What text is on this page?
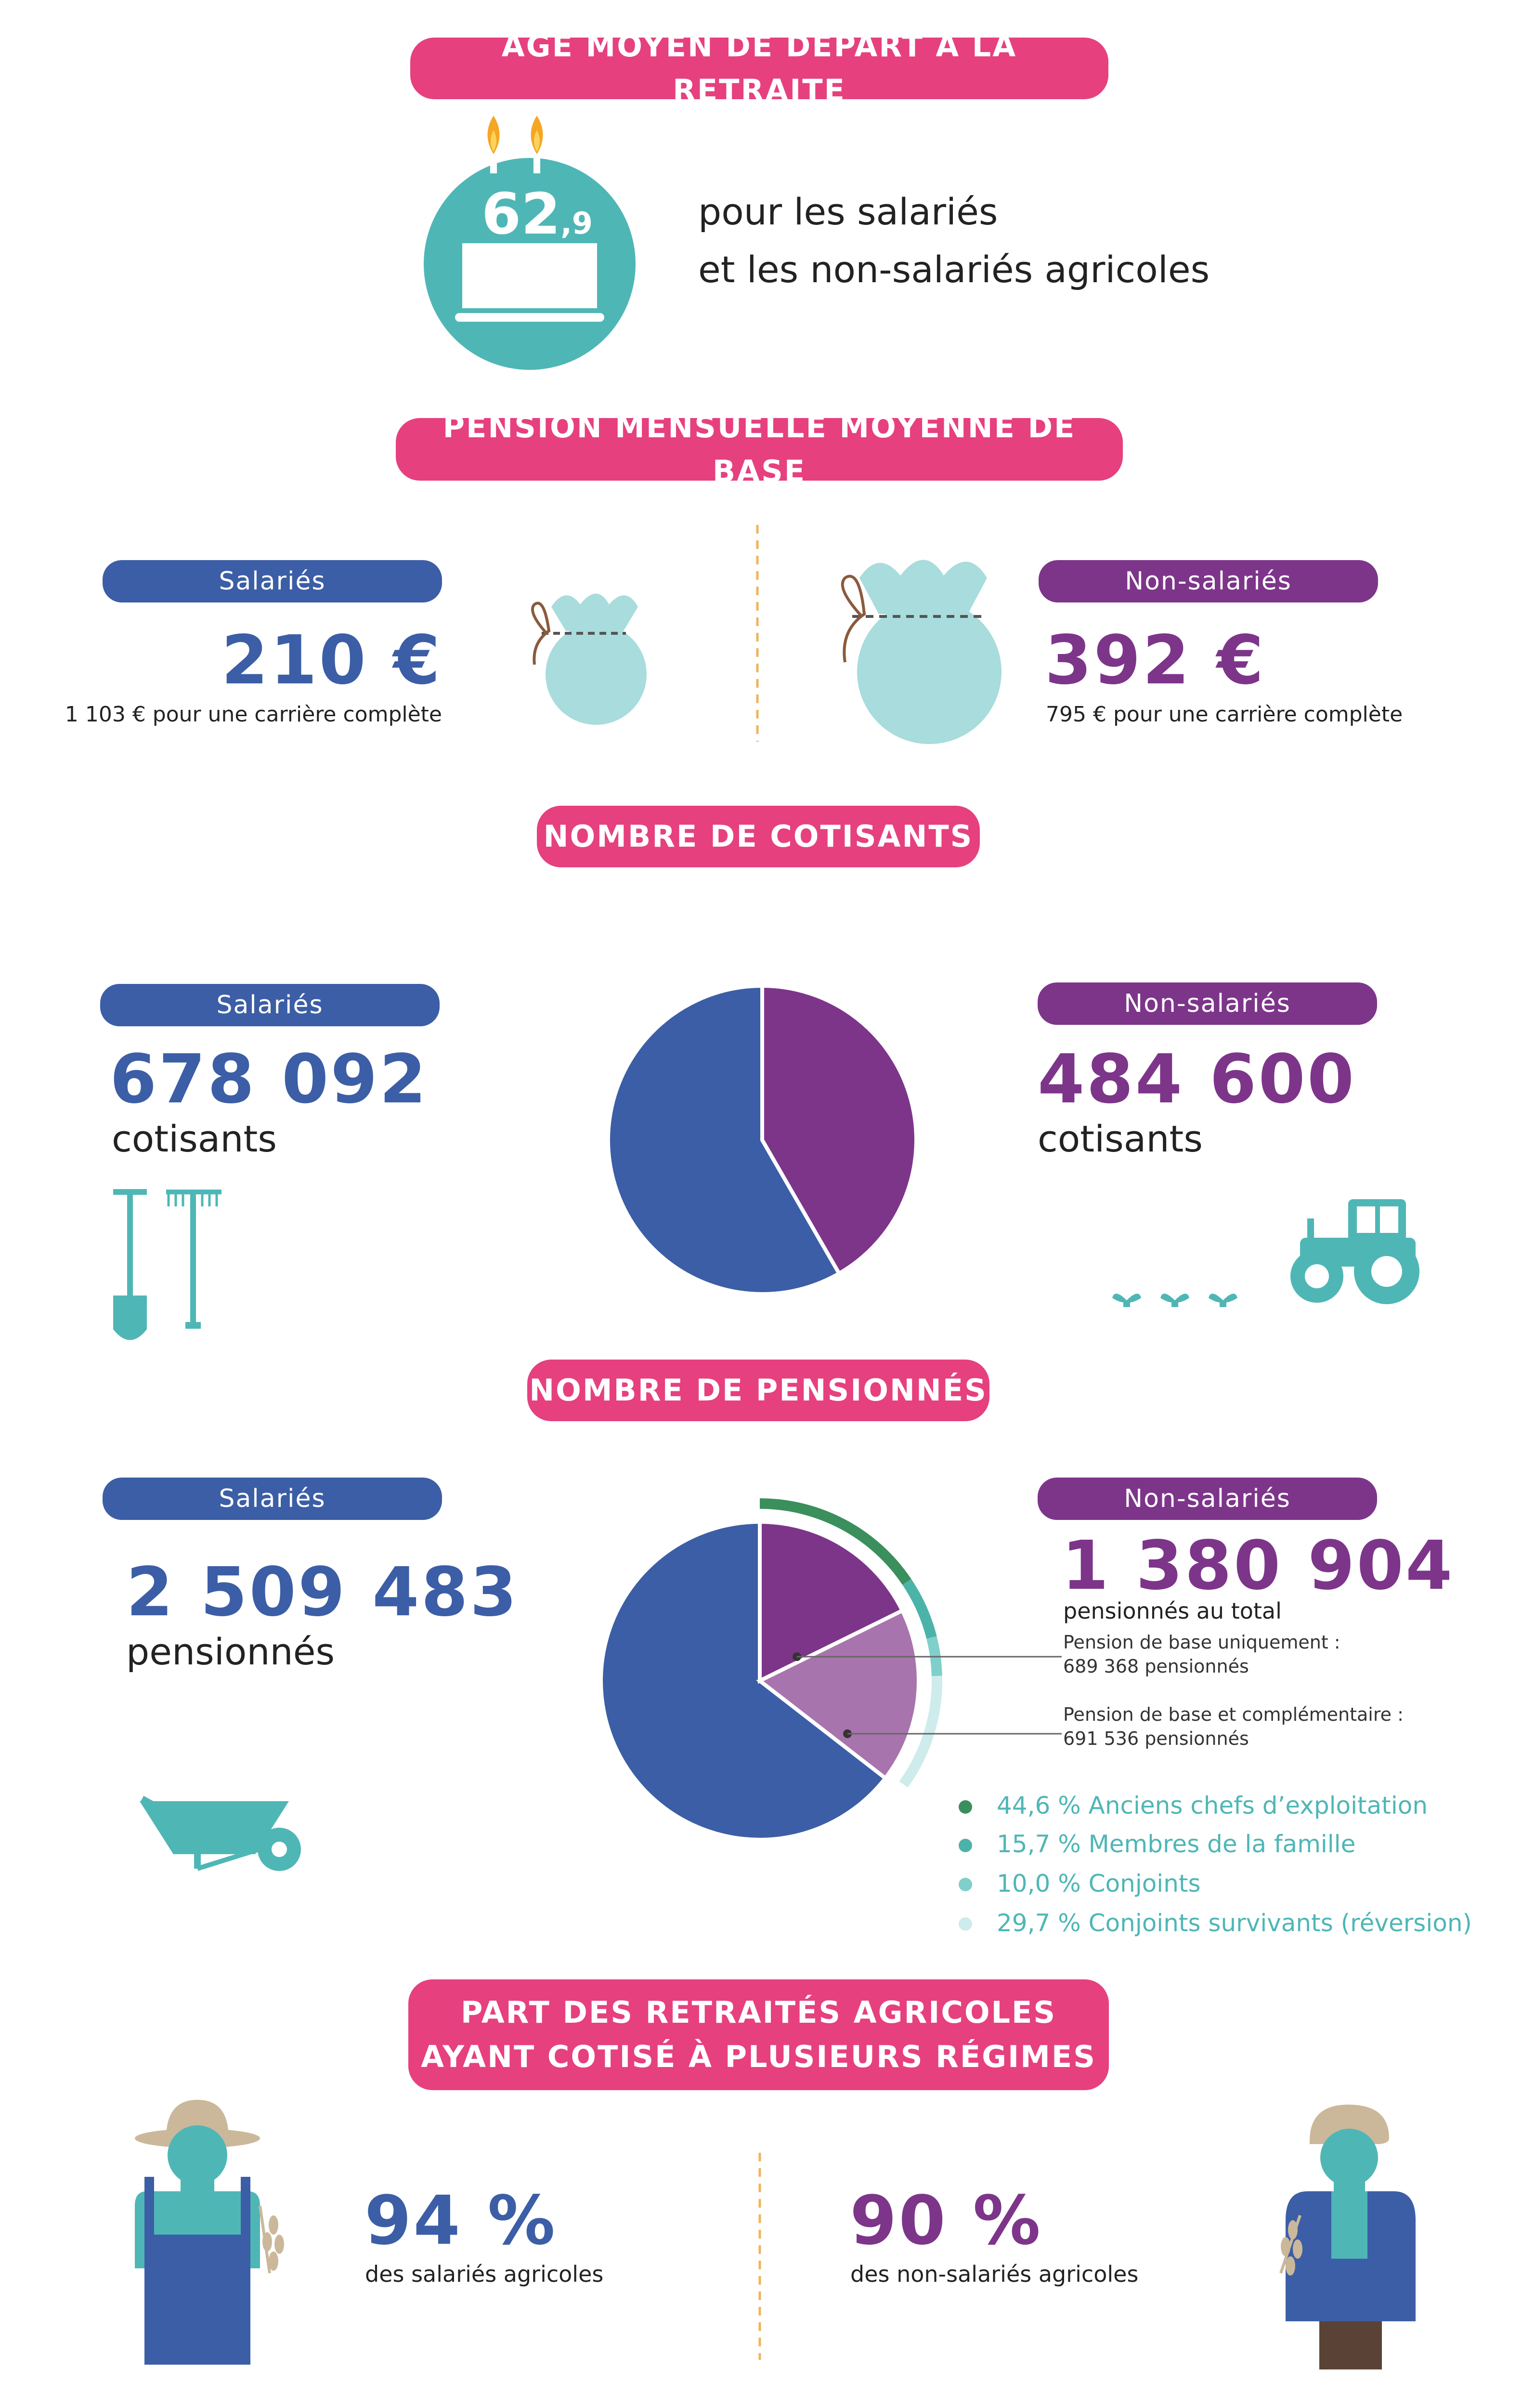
ÂGE MOYEN DE DÉPART À LA RETRAITE
62,9	pour les salariés
et les non-salariés agricoles
PENSION MENSUELLE MOYENNE DE BASE
Salariés
210 €
1 103 € pour une carrière complète
Non-salariés
392 €
795 € pour une carrière complète
NOMBRE DE COTISANTS
Salariés
678 092
cotisants
Non-salariés
484 600
cotisants
NOMBRE DE PENSIONNÉS
Salariés
2 509 483
pensionnés
Non-salariés
1 380 904
pensionnés au total
Pension de base uniquement :
689 368 pensionnés
Pension de base et complémentaire :
691 536 pensionnés
44,6 % Anciens chefs d’exploitation
15,7 % Membres de la famille
10,0 % Conjoints
29,7 % Conjoints survivants (réversion)
PART DES RETRAITÉS AGRICOLES
AYANT COTISÉ À PLUSIEURS RÉGIMES
94 %
des salariés agricoles
90 %
des non-salariés agricoles
